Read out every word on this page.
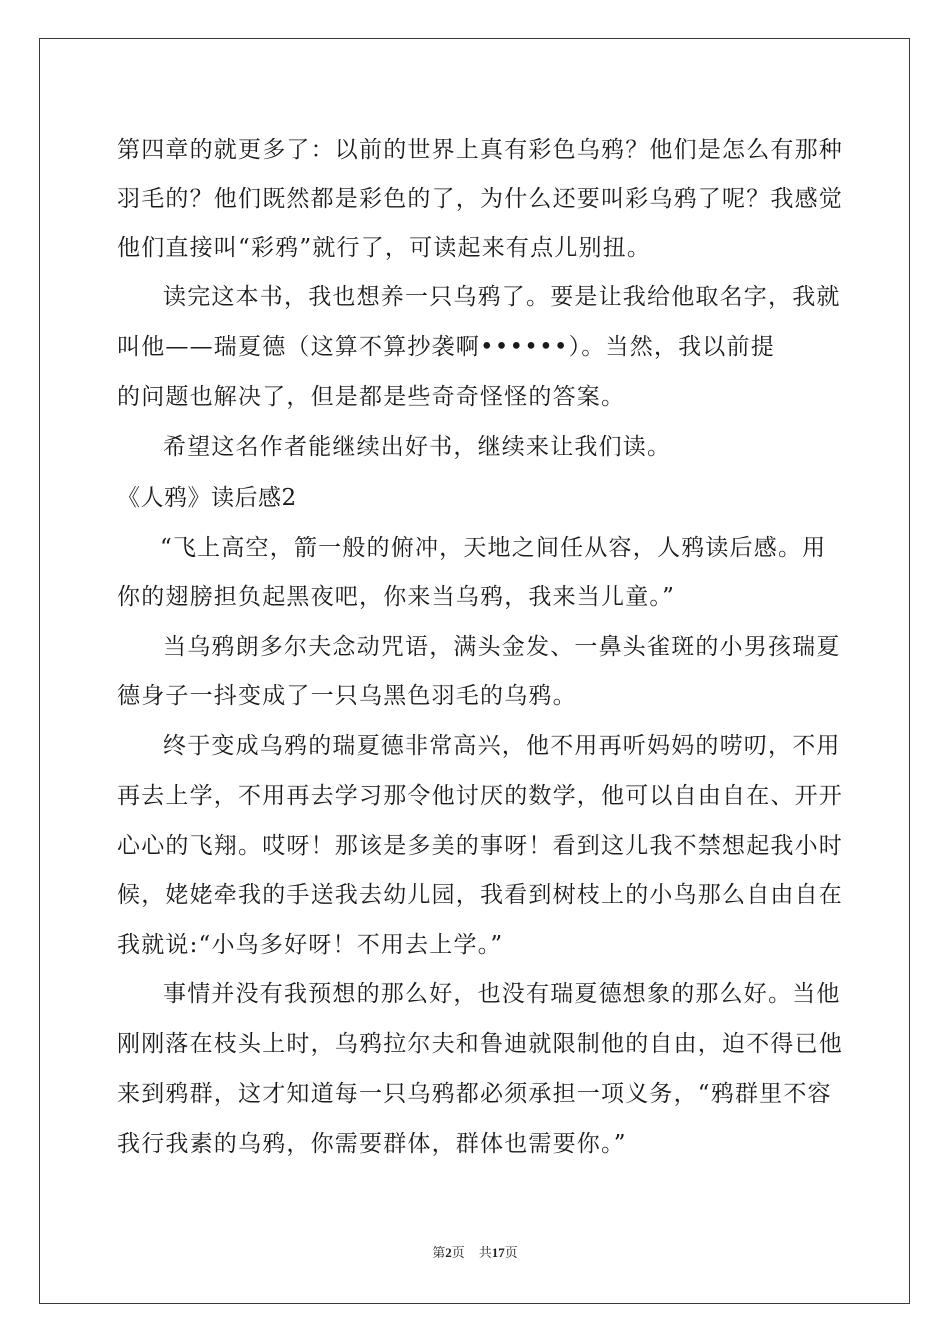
第四章的就更多了：以前的世界上真有彩色乌鸦？他们是怎么有那种
羽毛的？他们既然都是彩色的了，为什么还要叫彩乌鸦了呢？我感觉
他们直接叫“彩鸦”就行了，可读起来有点儿别扭。
读完这本书，我也想养一只乌鸦了。要是让我给他取名字，我就
叫他——瑞夏德（这算不算抄袭啊••••••）。当然，我以前提
的问题也解决了，但是都是些奇奇怪怪的答案。
希望这名作者能继续出好书，继续来让我们读。
《人鸦》读后感2
“飞上高空，箭一般的俯冲，天地之间任从容，人鸦读后感。用
你的翅膀担负起黑夜吧，你来当乌鸦，我来当儿童。”
当乌鸦朗多尔夫念动咒语，满头金发、一鼻头雀斑的小男孩瑞夏
德身子一抖变成了一只乌黑色羽毛的乌鸦。
终于变成乌鸦的瑞夏德非常高兴，他不用再听妈妈的唠叨，不用
再去上学，不用再去学习那令他讨厌的数学，他可以自由自在、开开
心心的飞翔。哎呀！那该是多美的事呀！看到这儿我不禁想起我小时
候，姥姥牵我的手送我去幼儿园，我看到树枝上的小鸟那么自由自在
我就说:“小鸟多好呀！不用去上学。”
事情并没有我预想的那么好，也没有瑞夏德想象的那么好。当他
刚刚落在枝头上时，乌鸦拉尔夫和鲁迪就限制他的自由，迫不得已他
来到鸦群，这才知道每一只乌鸦都必须承担一项义务，“鸦群里不容
我行我素的乌鸦，你需要群体，群体也需要你。”
第2页 共17页
